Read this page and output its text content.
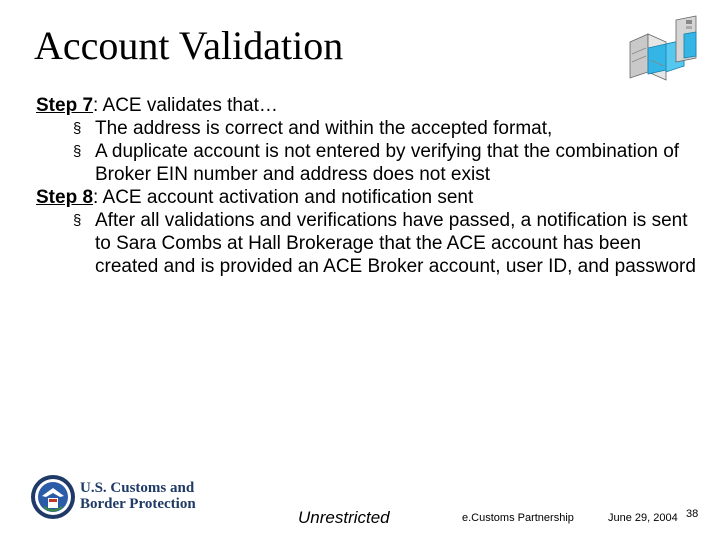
Account Validation

Step 7: ACE validates that…

§ The address is correct and within the accepted format,
§ A duplicate account is not entered by verifying that the combination of Broker EIN number and address does not exist

Step 8: ACE account activation and notification sent

§ After all validations and verifications have passed, a notification is sent to Sara Combs at Hall Brokerage that the ACE account has been created and is provided an ACE Broker account, user ID, and password
U.S. Customs and
Border Protection
Unrestricted	e.Customs Partnership	June 29, 2004 38
